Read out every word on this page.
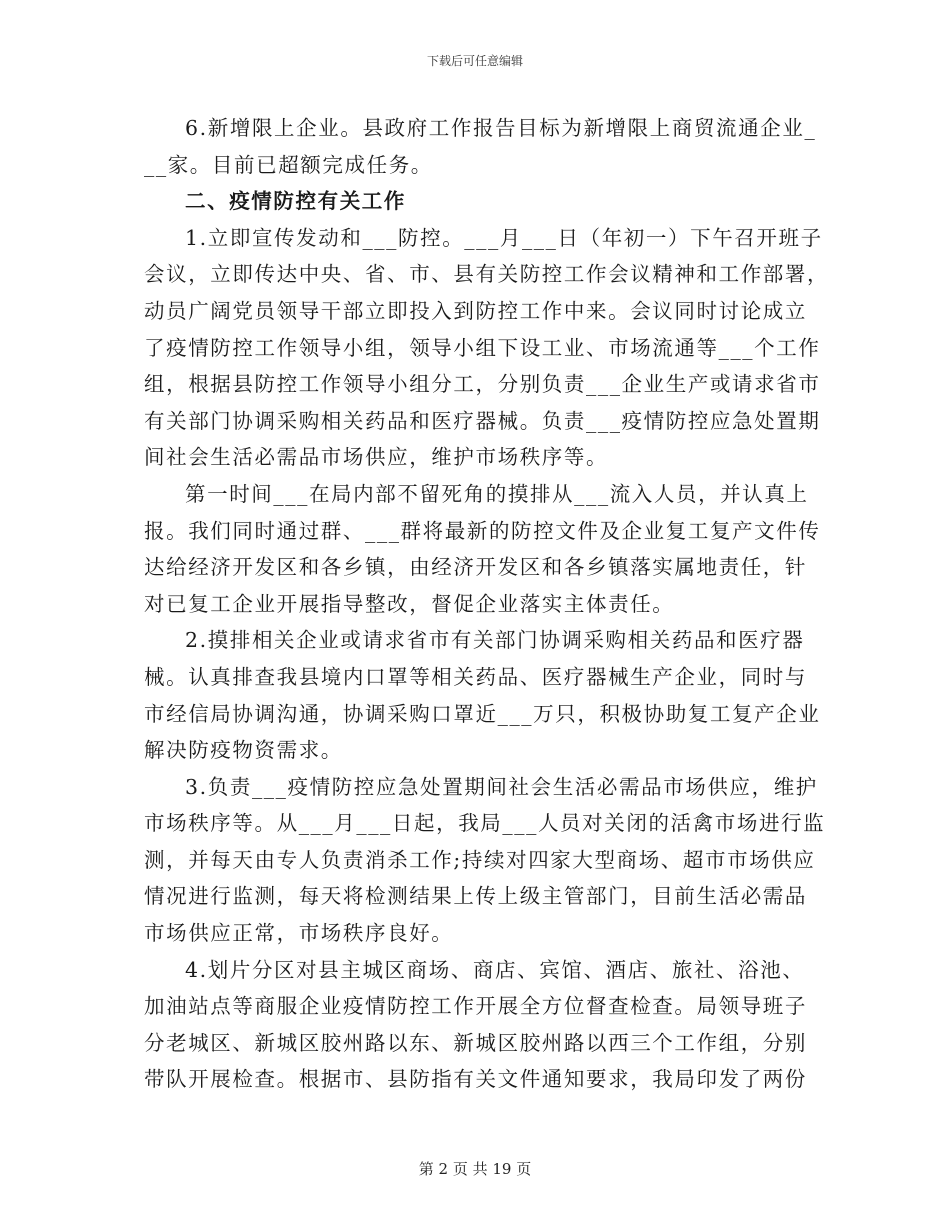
下载后可任意编辑

6.新增限上企业。县政府工作报告目标为新增限上商贸流通企业_
__家。目前已超额完成任务。

二、疫情防控有关工作

1.立即宣传发动和___防控。___月___日（年初一）下午召开班子
会议，立即传达中央、省、市、县有关防控工作会议精神和工作部署，
动员广阔党员领导干部立即投入到防控工作中来。会议同时讨论成立
了疫情防控工作领导小组，领导小组下设工业、市场流通等___个工作
组，根据县防控工作领导小组分工，分别负责___企业生产或请求省市
有关部门协调采购相关药品和医疗器械。负责___疫情防控应急处置期
间社会生活必需品市场供应，维护市场秩序等。

第一时间___在局内部不留死角的摸排从___流入人员，并认真上
报。我们同时通过群、___群将最新的防控文件及企业复工复产文件传
达给经济开发区和各乡镇，由经济开发区和各乡镇落实属地责任，针
对已复工企业开展指导整改，督促企业落实主体责任。

2.摸排相关企业或请求省市有关部门协调采购相关药品和医疗器
械。认真排查我县境内口罩等相关药品、医疗器械生产企业，同时与
市经信局协调沟通，协调采购口罩近___万只，积极协助复工复产企业
解决防疫物资需求。

3.负责___疫情防控应急处置期间社会生活必需品市场供应，维护
市场秩序等。从___月___日起，我局___人员对关闭的活禽市场进行监
测，并每天由专人负责消杀工作;持续对四家大型商场、超市市场供应
情况进行监测，每天将检测结果上传上级主管部门，目前生活必需品
市场供应正常，市场秩序良好。

4.划片分区对县主城区商场、商店、宾馆、酒店、旅社、浴池、
加油站点等商服企业疫情防控工作开展全方位督查检查。局领导班子
分老城区、新城区胶州路以东、新城区胶州路以西三个工作组，分别
带队开展检查。根据市、县防指有关文件通知要求，我局印发了两份

第 2 页 共 19 页
